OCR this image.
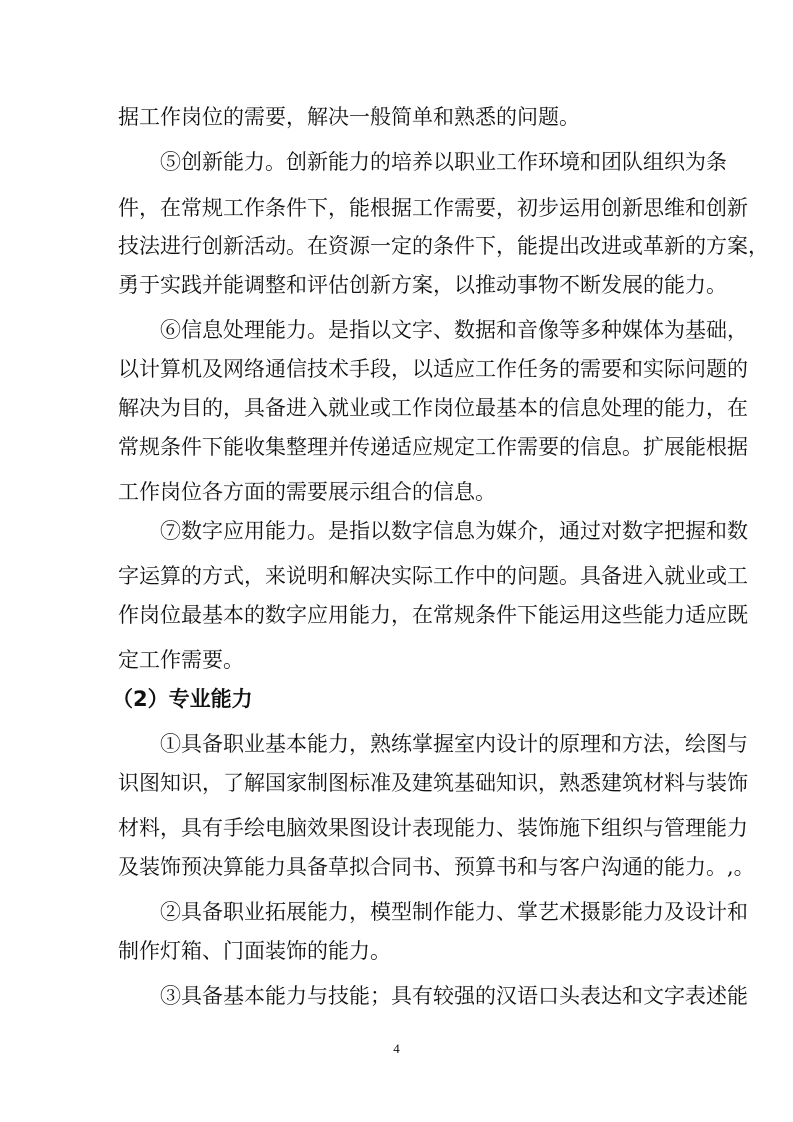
据工作岗位的需要，解决一般简单和熟悉的问题。
⑤创新能力。创新能力的培养以职业工作环境和团队组织为条
件，在常规工作条件下，能根据工作需要，初步运用创新思维和创新
技法进行创新活动。在资源一定的条件下，能提出改进或革新的方案，
勇于实践并能调整和评估创新方案，以推动事物不断发展的能力。
⑥信息处理能力。是指以文字、数据和音像等多种媒体为基础，
以计算机及网络通信技术手段，以适应工作任务的需要和实际问题的
解决为目的，具备进入就业或工作岗位最基本的信息处理的能力，在
常规条件下能收集整理并传递适应规定工作需要的信息。扩展能根据
工作岗位各方面的需要展示组合的信息。
⑦数字应用能力。是指以数字信息为媒介，通过对数字把握和数
字运算的方式，来说明和解决实际工作中的问题。具备进入就业或工
作岗位最基本的数字应用能力，在常规条件下能运用这些能力适应既
定工作需要。
（2）专业能力
①具备职业基本能力，熟练掌握室内设计的原理和方法，绘图与
识图知识，了解国家制图标准及建筑基础知识，熟悉建筑材料与装饰
材料，具有手绘电脑效果图设计表现能力、装饰施下组织与管理能力
及装饰预决算能力具备草拟合同书、预算书和与客户沟通的能力。,。
②具备职业拓展能力，模型制作能力、掌艺术摄影能力及设计和
制作灯箱、门面装饰的能力。
③具备基本能力与技能；具有较强的汉语口头表达和文字表述能
4
